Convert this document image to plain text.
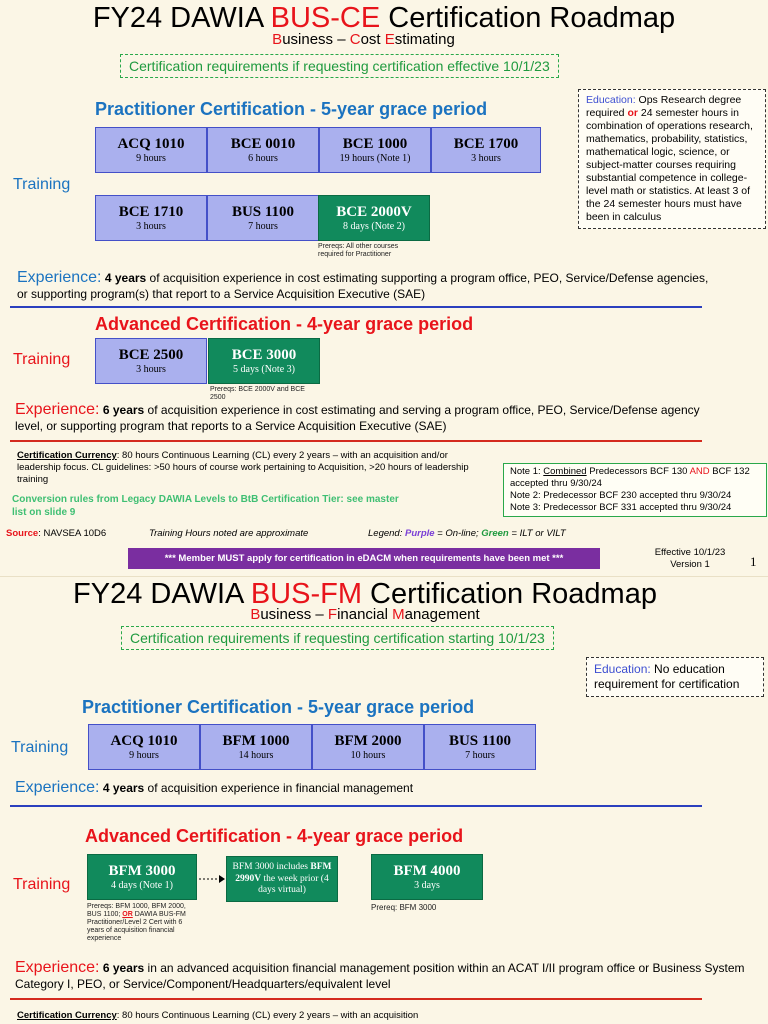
FY24 DAWIA BUS-CE Certification Roadmap
Business – Cost Estimating
Certification requirements if requesting certification effective 10/1/23
Education: Ops Research degree required or 24 semester hours in combination of operations research, mathematics, probability, statistics, mathematical logic, science, or subject-matter courses requiring substantial competence in college-level math or statistics. At least 3 of the 24 semester hours must have been in calculus
Practitioner Certification - 5-year grace period
Training
ACQ 1010
9 hours
BCE 0010
6 hours
BCE 1000
19 hours (Note 1)
BCE 1700
3 hours
BCE 1710
3 hours
BUS 1100
7 hours
BCE 2000V
8 days (Note 2)
Prereqs: All other courses required for Practitioner
Experience: 4 years of acquisition experience in cost estimating supporting a program office, PEO, Service/Defense agencies, or supporting program(s) that report to a Service Acquisition Executive (SAE)
Advanced Certification - 4-year grace period
Training	BCE 2500
3 hours
BCE 3000
5 days (Note 3)
Prereqs: BCE 2000V and BCE 2500
Experience: 6 years of acquisition experience in cost estimating and serving a program office, PEO, Service/Defense agency level, or supporting program that reports to a Service Acquisition Executive (SAE)
Certification Currency: 80 hours Continuous Learning (CL) every 2 years – with an acquisition and/or leadership focus. CL guidelines: >50 hours of course work pertaining to Acquisition, >20 hours of leadership training
Conversion rules from Legacy DAWIA Levels to BtB Certification Tier: see master list on slide 9
Note 1: Combined Predecessors BCF 130 AND BCF 132 accepted thru 9/30/24
Note 2: Predecessor BCF 230 accepted thru 9/30/24
Note 3: Predecessor BCF 331 accepted thru 9/30/24
Source: NAVSEA 10D6	Training Hours noted are approximate	Legend: Purple = On-line; Green = ILT or VILT
*** Member MUST apply for certification in eDACM when requirements have been met ***
Effective 10/1/23
Version 1	1
FY24 DAWIA BUS-FM Certification Roadmap
Business – Financial Management
Certification requirements if requesting certification starting 10/1/23
Education: No education requirement for certification
Practitioner Certification - 5-year grace period
Training	ACQ 1010
9 hours
BFM 1000
14 hours
BFM 2000
10 hours
BUS 1100
7 hours
Experience: 4 years of acquisition experience in financial management
Advanced Certification - 4-year grace period
Training
BFM 3000
4 days (Note 1)
BFM 3000 includes BFM 2990V the week prior (4 days virtual)
BFM 4000
3 days
Prereqs: BFM 1000, BFM 2000, BUS 1100; OR DAWIA BUS-FM Practitioner/Level 2 Cert with 6 years of acquisition financial experience
Prereq: BFM 3000
Experience: 6 years in an advanced acquisition financial management position within an ACAT I/II program office or Business System Category I, PEO, or Service/Component/Headquarters/equivalent level
Certification Currency: 80 hours Continuous Learning (CL) every 2 years – with an acquisition
